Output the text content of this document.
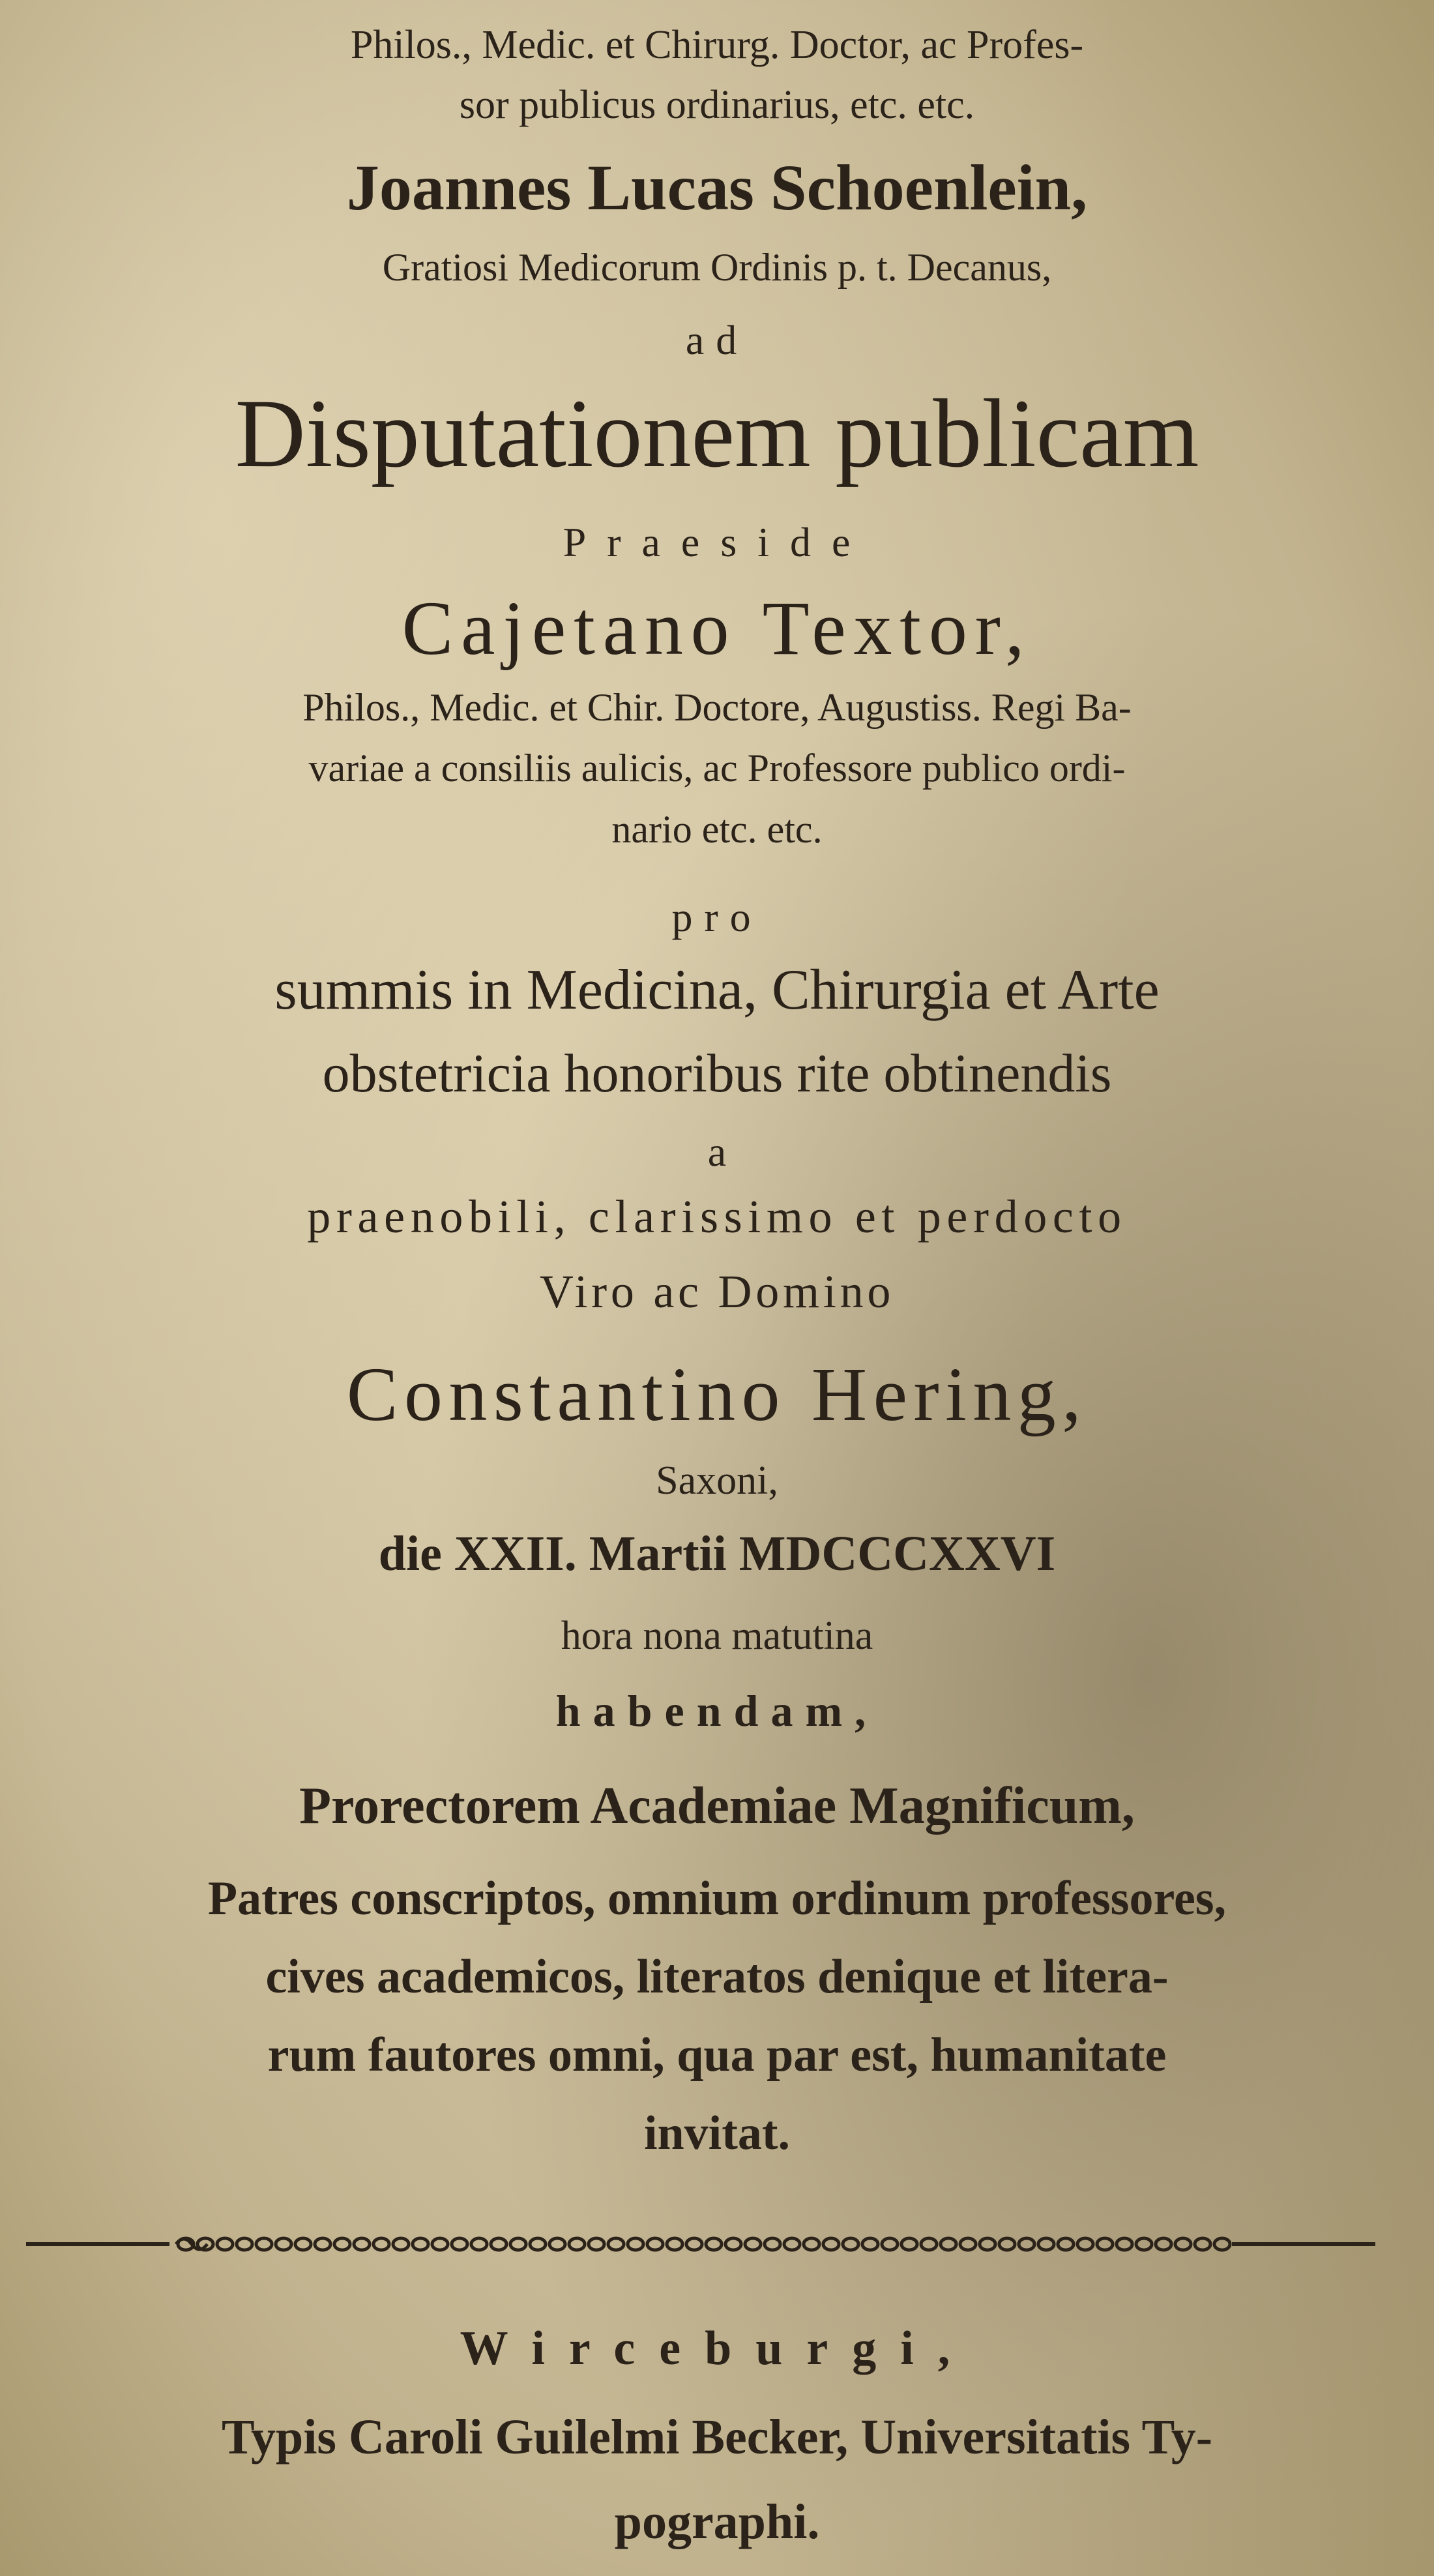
Philos., Medic. et Chirurg. Doctor, ac Profes-
sor publicus ordinarius, etc. etc.
Joannes Lucas Schoenlein,
Gratiosi Medicorum Ordinis p. t. Decanus,
ad
Disputationem publicam
Praeside
Cajetano Textor,
Philos., Medic. et Chir. Doctore, Augustiss. Regi Ba-
variae a consiliis aulicis, ac Professore publico ordi-
nario etc. etc.
pro
summis in Medicina, Chirurgia et Arte
obstetricia honoribus rite obtinendis
a
praenobili, clarissimo et perdocto
Viro ac Domino
Constantino Hering,
Saxoni,
die XXII. Martii MDCCCXXVI
hora nona matutina
habendam,
Prorectorem Academiae Magnificum,
Patres conscriptos, omnium ordinum professores,
cives academicos, literatos denique et litera-
rum fautores omni, qua par est, humanitate
invitat.
Wirceburgi,
Typis Caroli Guilelmi Becker, Universitatis Ty-
pographi.
